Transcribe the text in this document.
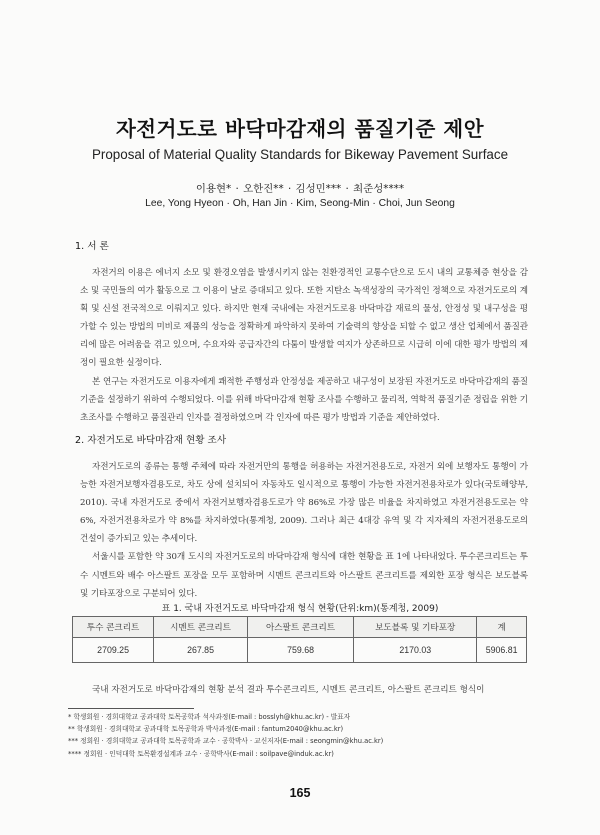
자전거도로 바닥마감재의 품질기준 제안
Proposal of Material Quality Standards for Bikeway Pavement Surface
이용현* · 오한진** · 김성민*** · 최준성****
Lee, Yong Hyeon · Oh, Han Jin · Kim, Seong-Min · Choi, Jun Seong
1. 서 론

자전거의 이용은 에너지 소모 및 환경오염을 발생시키지 않는 친환경적인 교통수단으로 도시 내의 교통체증 현상을 감소 및 국민들의 여가 활동으로 그 이용이 날로 증대되고 있다. 또한 지탄소 녹색성장의 국가적인 정책으로 자전거도로의 계획 및 신설 전국적으로 이뤄지고 있다. 하지만 현재 국내에는 자전거도로용 바닥마감 재료의 물성, 안정성 및 내구성을 평가할 수 있는 방법의 미비로 제품의 성능을 정확하게 파악하지 못하여 기술력의 향상을 되할 수 없고 생산 업체에서 품질관리에 많은 어려움을 겪고 있으며, 수요자와 공급자간의 다툼이 발생할 여지가 상존하므로 시급히 이에 대한 평가 방법의 제정이 필요한 실정이다.

본 연구는 자전거도로 이용자에게 쾌적한 주행성과 안정성을 제공하고 내구성이 보장된 자전거도로 바닥마감재의 품질기준을 설정하기 위하여 수행되었다. 이를 위해 바닥마감재 현황 조사를 수행하고 물리적, 역학적 품질기준 정립을 위한 기초조사를 수행하고 품질관리 인자를 결정하였으며 각 인자에 따른 평가 방법과 기준을 제안하였다.

2. 자전거도로 바닥마감재 현황 조사

자전거도로의 종류는 통행 주체에 따라 자전거만의 통행을 허용하는 자전거전용도로, 자전거 외에 보행자도 통행이 가능한 자전거보행자겸용도로, 차도 상에 설치되어 자동차도 일시적으로 통행이 가능한 자전거전용차로가 있다(국토해양부, 2010). 국내 자전거도로 중에서 자전거보행자겸용도로가 약 86%로 가장 많은 비율을 차지하였고 자전거전용도로는 약 6%, 자전거전용차로가 약 8%를 차지하였다(통계청, 2009). 그러나 최근 4대강 유역 및 각 지자체의 자전거전용도로의 건설이 증가되고 있는 추세이다.

서울시를 포함한 약 30개 도시의 자전거도로의 바닥마감재 형식에 대한 현황을 표 1에 나타내었다. 투수콘크리트는 투수 시멘트와 배수 아스팔트 포장을 모두 포함하며 시멘트 콘크리트와 아스팔트 콘크리트를 제외한 포장 형식은 보도블록 및 기타포장으로 구분되어 있다.

표 1. 국내 자전거도로 바닥마감재 형식 현황(단위:km)(통계청, 2009)
투수 콘크리트	시멘트 콘크리트	아스팔트 콘크리트	보도블록 및 기타포장	계
2709.25	267.85	759.68	2170.03	5906.81
국내 자전거도로 바닥마감재의 현황 분석 결과 투수콘크리트, 시멘트 콘크리트, 아스팔트 콘크리트 형식이
* 학생회원 · 경희대학교 공과대학 토목공학과 석사과정(E-mail : bosslyh@khu.ac.kr) - 발표자
** 학생회원 · 경희대학교 공과대학 토목공학과 박사과정(E-mail : fantum2040@khu.ac.kr)
*** 정회원 · 경희대학교 공과대학 토목공학과 교수 · 공학박사 · 교신저자(E-mail : seongmin@khu.ac.kr)
**** 정회원 · 인덕대학 토목환경설계과 교수 · 공학박사(E-mail : soilpave@induk.ac.kr)
165
